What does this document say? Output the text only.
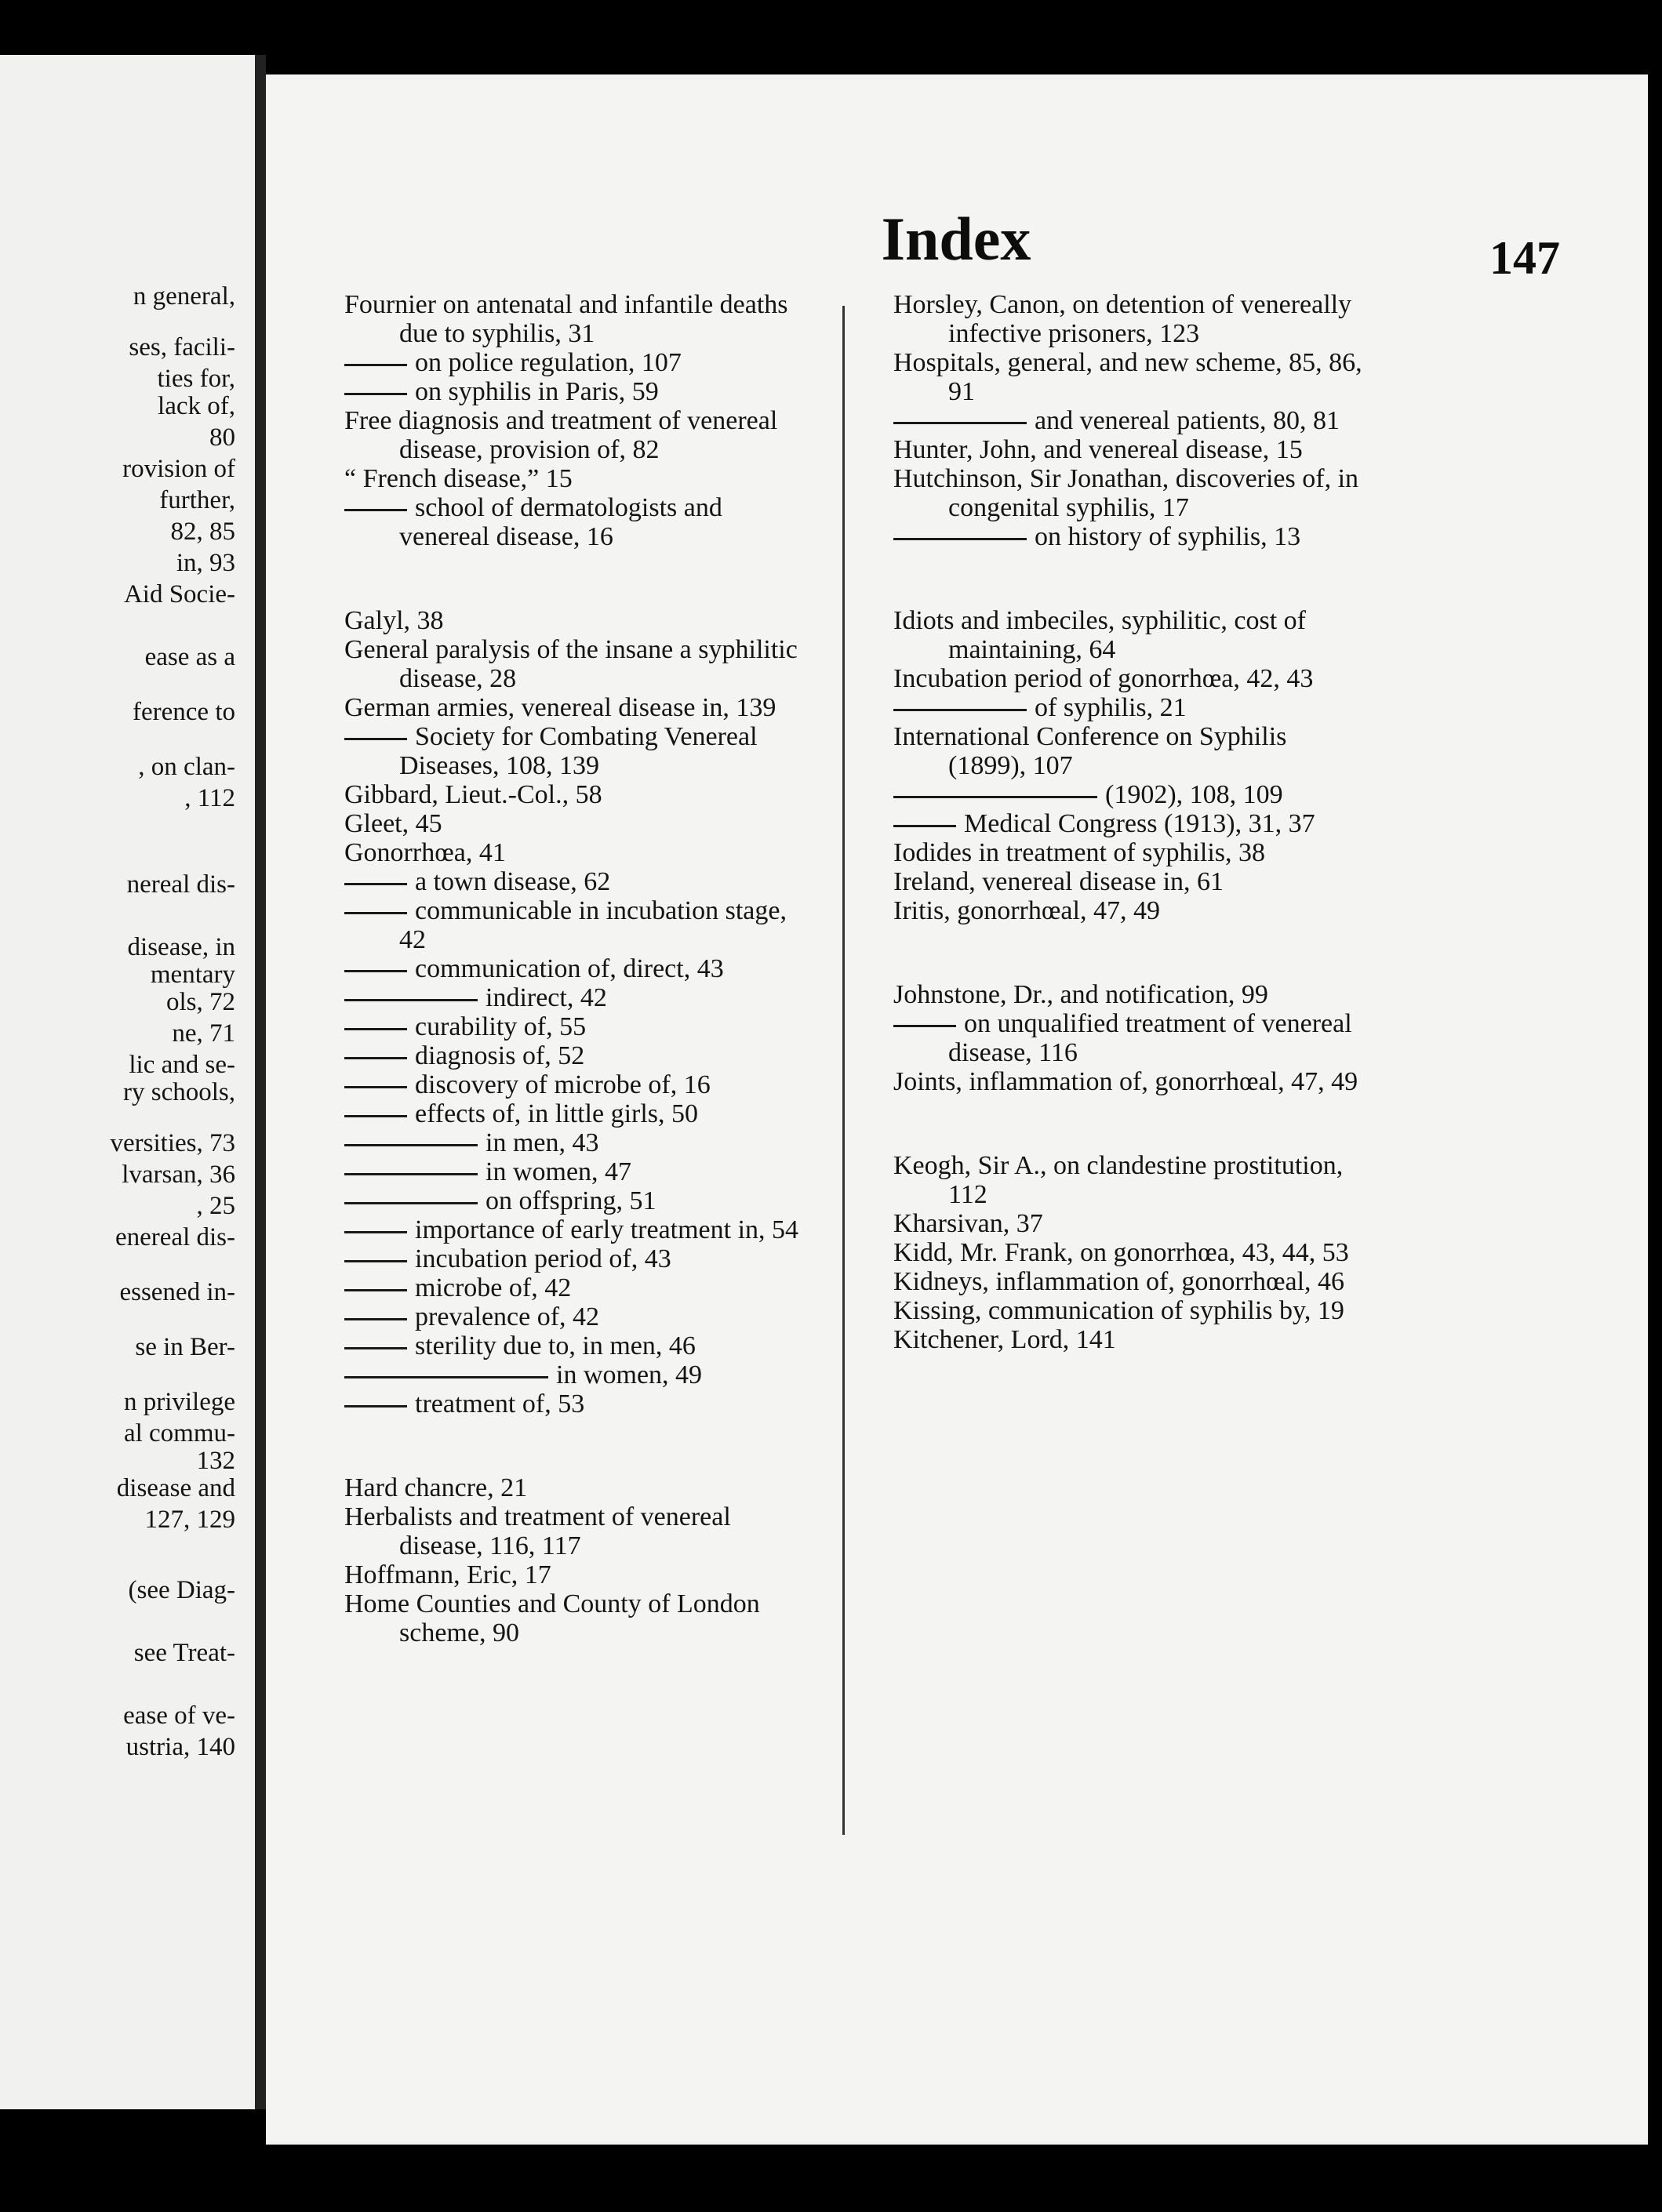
n general,
ses, facili-
ties for,
lack of,
80
rovision of
further,
82, 85
in, 93
Aid Socie-
ease as a
ference to
, on clan-
, 112
nereal dis-
disease, in
mentary
ols, 72
ne, 71
lic and se-
ry schools,
versities, 73
lvarsan, 36
, 25
enereal dis-
essened in-
se in Ber-
n privilege
al commu-
132
disease and
127, 129
(see Diag-
see Treat-
ease of ve-
ustria, 140
Index	147
Fournier on antenatal and infantile deaths due to syphilis, 31
on police regulation, 107
on syphilis in Paris, 59
Free diagnosis and treatment of venereal disease, provision of, 82
“ French disease,” 15
school of dermatologists and venereal disease, 16
Galyl, 38
General paralysis of the insane a syphilitic disease, 28
German armies, venereal disease in, 139
Society for Combating Venereal Diseases, 108, 139
Gibbard, Lieut.-Col., 58
Gleet, 45
Gonorrhœa, 41
a town disease, 62
communicable in incubation stage, 42
communication of, direct, 43
indirect, 42
curability of, 55
diagnosis of, 52
discovery of microbe of, 16
effects of, in little girls, 50
in men, 43
in women, 47
on offspring, 51
importance of early treatment in, 54
incubation period of, 43
microbe of, 42
prevalence of, 42
sterility due to, in men, 46
in women, 49
treatment of, 53
Hard chancre, 21
Herbalists and treatment of venereal disease, 116, 117
Hoffmann, Eric, 17
Home Counties and County of London scheme, 90
Horsley, Canon, on detention of venereally infective prisoners, 123
Hospitals, general, and new scheme, 85, 86, 91
and venereal patients, 80, 81
Hunter, John, and venereal disease, 15
Hutchinson, Sir Jonathan, discoveries of, in congenital syphilis, 17
on history of syphilis, 13
Idiots and imbeciles, syphilitic, cost of maintaining, 64
Incubation period of gonorrhœa, 42, 43
of syphilis, 21
International Conference on Syphilis (1899), 107
(1902), 108, 109
Medical Congress (1913), 31, 37
Iodides in treatment of syphilis, 38
Ireland, venereal disease in, 61
Iritis, gonorrhœal, 47, 49
Johnstone, Dr., and notification, 99
on unqualified treatment of venereal disease, 116
Joints, inflammation of, gonorrhœal, 47, 49
Keogh, Sir A., on clandestine prostitution, 112
Kharsivan, 37
Kidd, Mr. Frank, on gonorrhœa, 43, 44, 53
Kidneys, inflammation of, gonorrhœal, 46
Kissing, communication of syphilis by, 19
Kitchener, Lord, 141
